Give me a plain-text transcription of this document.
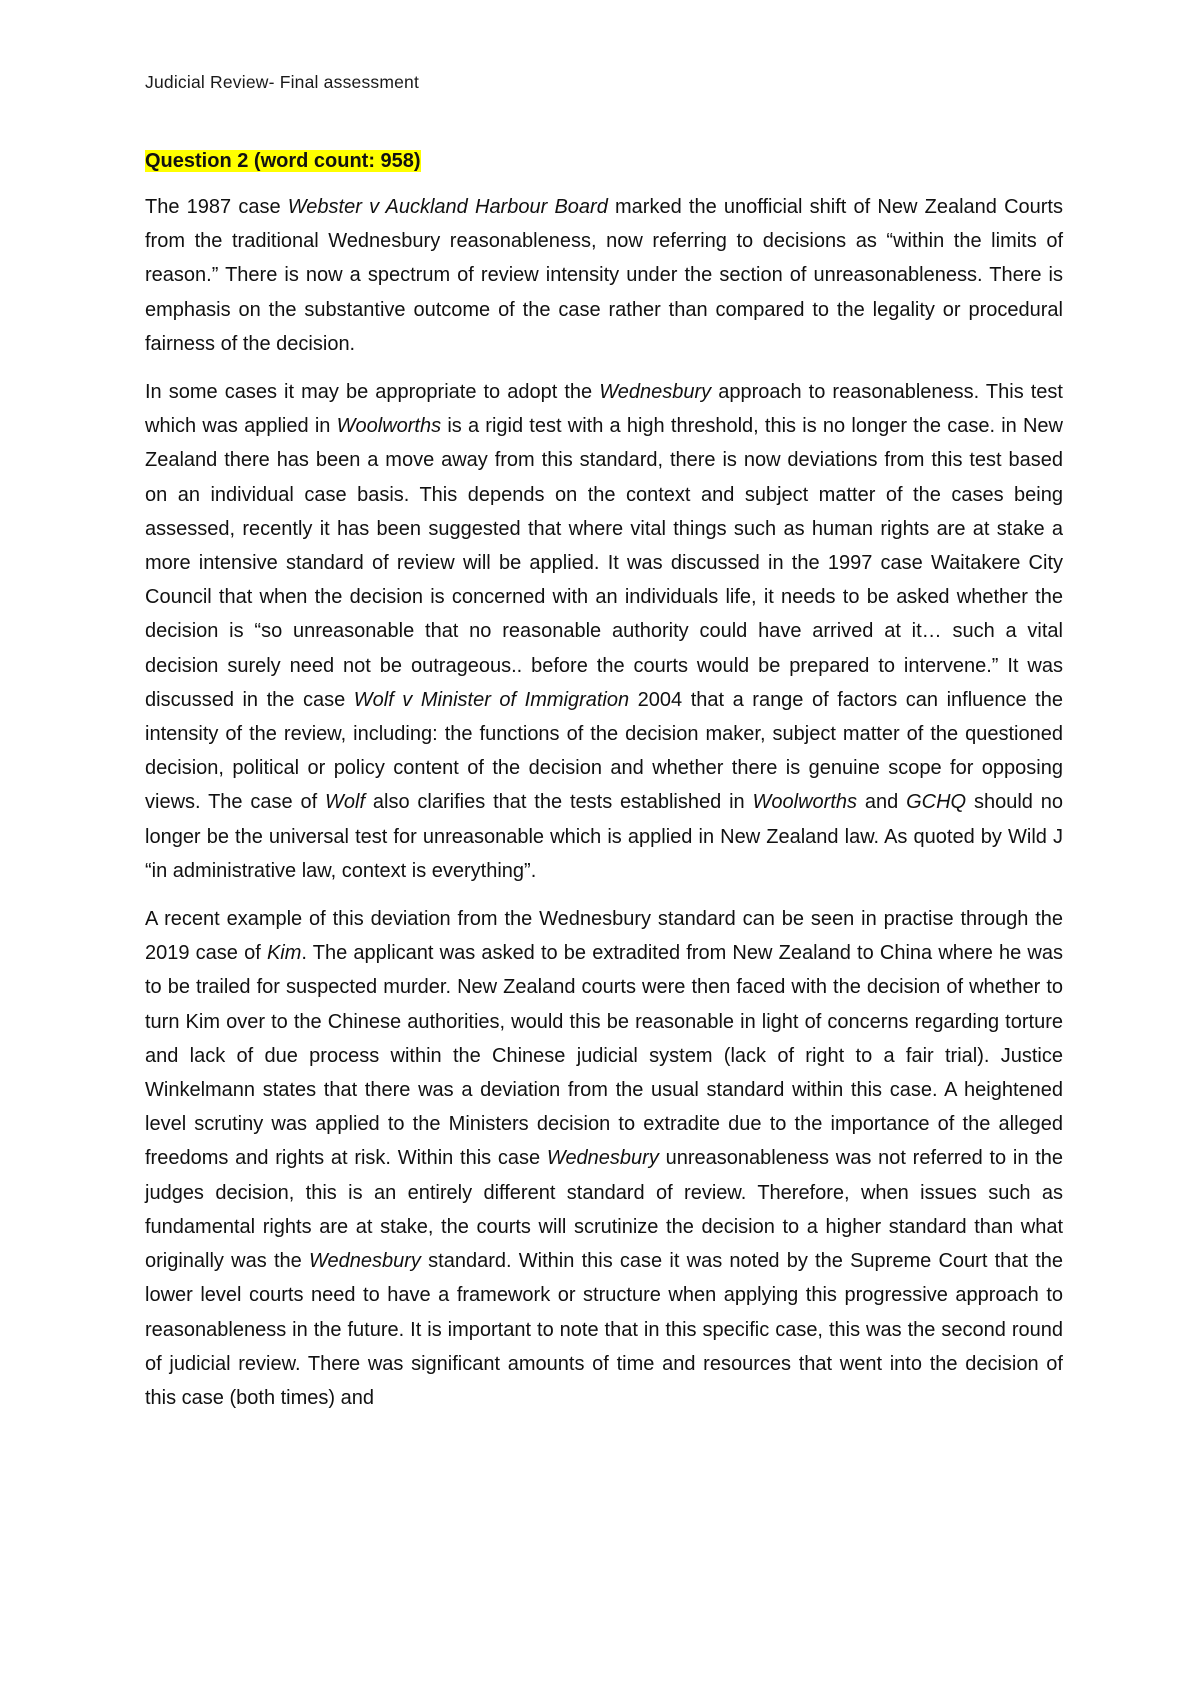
Judicial Review- Final assessment
Question 2 (word count: 958)

The 1987 case Webster v Auckland Harbour Board marked the unofficial shift of New Zealand Courts from the traditional Wednesbury reasonableness, now referring to decisions as “within the limits of reason.” There is now a spectrum of review intensity under the section of unreasonableness. There is emphasis on the substantive outcome of the case rather than compared to the legality or procedural fairness of the decision.

In some cases it may be appropriate to adopt the Wednesbury approach to reasonableness. This test which was applied in Woolworths is a rigid test with a high threshold, this is no longer the case. in New Zealand there has been a move away from this standard, there is now deviations from this test based on an individual case basis. This depends on the context and subject matter of the cases being assessed, recently it has been suggested that where vital things such as human rights are at stake a more intensive standard of review will be applied. It was discussed in the 1997 case Waitakere City Council that when the decision is concerned with an individuals life, it needs to be asked whether the decision is “so unreasonable that no reasonable authority could have arrived at it… such a vital decision surely need not be outrageous.. before the courts would be prepared to intervene.” It was discussed in the case Wolf v Minister of Immigration 2004 that a range of factors can influence the intensity of the review, including: the functions of the decision maker, subject matter of the questioned decision, political or policy content of the decision and whether there is genuine scope for opposing views. The case of Wolf also clarifies that the tests established in Woolworths and GCHQ should no longer be the universal test for unreasonable which is applied in New Zealand law. As quoted by Wild J “in administrative law, context is everything”.

A recent example of this deviation from the Wednesbury standard can be seen in practise through the 2019 case of Kim. The applicant was asked to be extradited from New Zealand to China where he was to be trailed for suspected murder. New Zealand courts were then faced with the decision of whether to turn Kim over to the Chinese authorities, would this be reasonable in light of concerns regarding torture and lack of due process within the Chinese judicial system (lack of right to a fair trial). Justice Winkelmann states that there was a deviation from the usual standard within this case. A heightened level scrutiny was applied to the Ministers decision to extradite due to the importance of the alleged freedoms and rights at risk. Within this case Wednesbury unreasonableness was not referred to in the judges decision, this is an entirely different standard of review. Therefore, when issues such as fundamental rights are at stake, the courts will scrutinize the decision to a higher standard than what originally was the Wednesbury standard. Within this case it was noted by the Supreme Court that the lower level courts need to have a framework or structure when applying this progressive approach to reasonableness in the future. It is important to note that in this specific case, this was the second round of judicial review. There was significant amounts of time and resources that went into the decision of this case (both times) and
